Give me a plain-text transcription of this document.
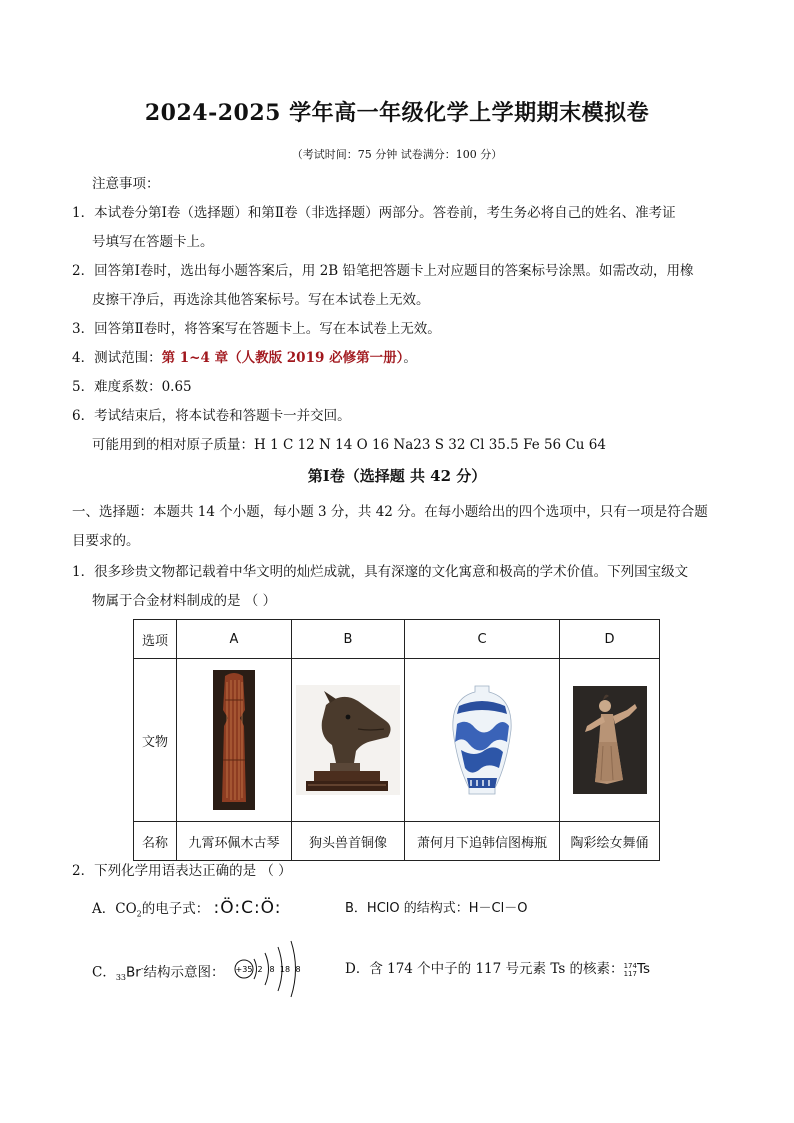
2024-2025 学年高一年级化学上学期期末模拟卷
（考试时间：75 分钟 试卷满分：100 分）
注意事项：
1．本试卷分第Ⅰ卷（选择题）和第Ⅱ卷（非选择题）两部分。答卷前，考生务必将自己的姓名、准考证
号填写在答题卡上。
2．回答第Ⅰ卷时，选出每小题答案后，用 2B 铅笔把答题卡上对应题目的答案标号涂黑。如需改动，用橡
皮擦干净后，再选涂其他答案标号。写在本试卷上无效。
3．回答第Ⅱ卷时，将答案写在答题卡上。写在本试卷上无效。
4．测试范围：第 1~4 章（人教版 2019 必修第一册）。
5．难度系数：0.65
6．考试结束后，将本试卷和答题卡一并交回。
可能用到的相对原子质量：H 1 C 12 N 14 O 16 Na23 S 32 Cl 35.5 Fe 56 Cu 64
第Ⅰ卷（选择题 共 42 分）
一、选择题：本题共 14 个小题，每小题 3 分，共 42 分。在每小题给出的四个选项中，只有一项是符合题
目要求的。
1．很多珍贵文物都记载着中华文明的灿烂成就，具有深邃的文化寓意和极高的学术价值。下列国宝级文
物属于合金材料制成的是 （ ）
选项	A	B	C	D
文物	

名称	九霄环佩木古琴	狗头兽首铜像	萧何月下追韩信图梅瓶	陶彩绘女舞俑
2．下列化学用语表达正确的是 （ ）
A．$CO_2$的电子式： :Ö:C:Ö:	B．HClO 的结构式：H－Cl－O
C．$_{33}$Br-结构示意图： +35 2 8 18 8	D．含 174 个中子的 117 号元素 Ts 的核素： 174
117 Ts
